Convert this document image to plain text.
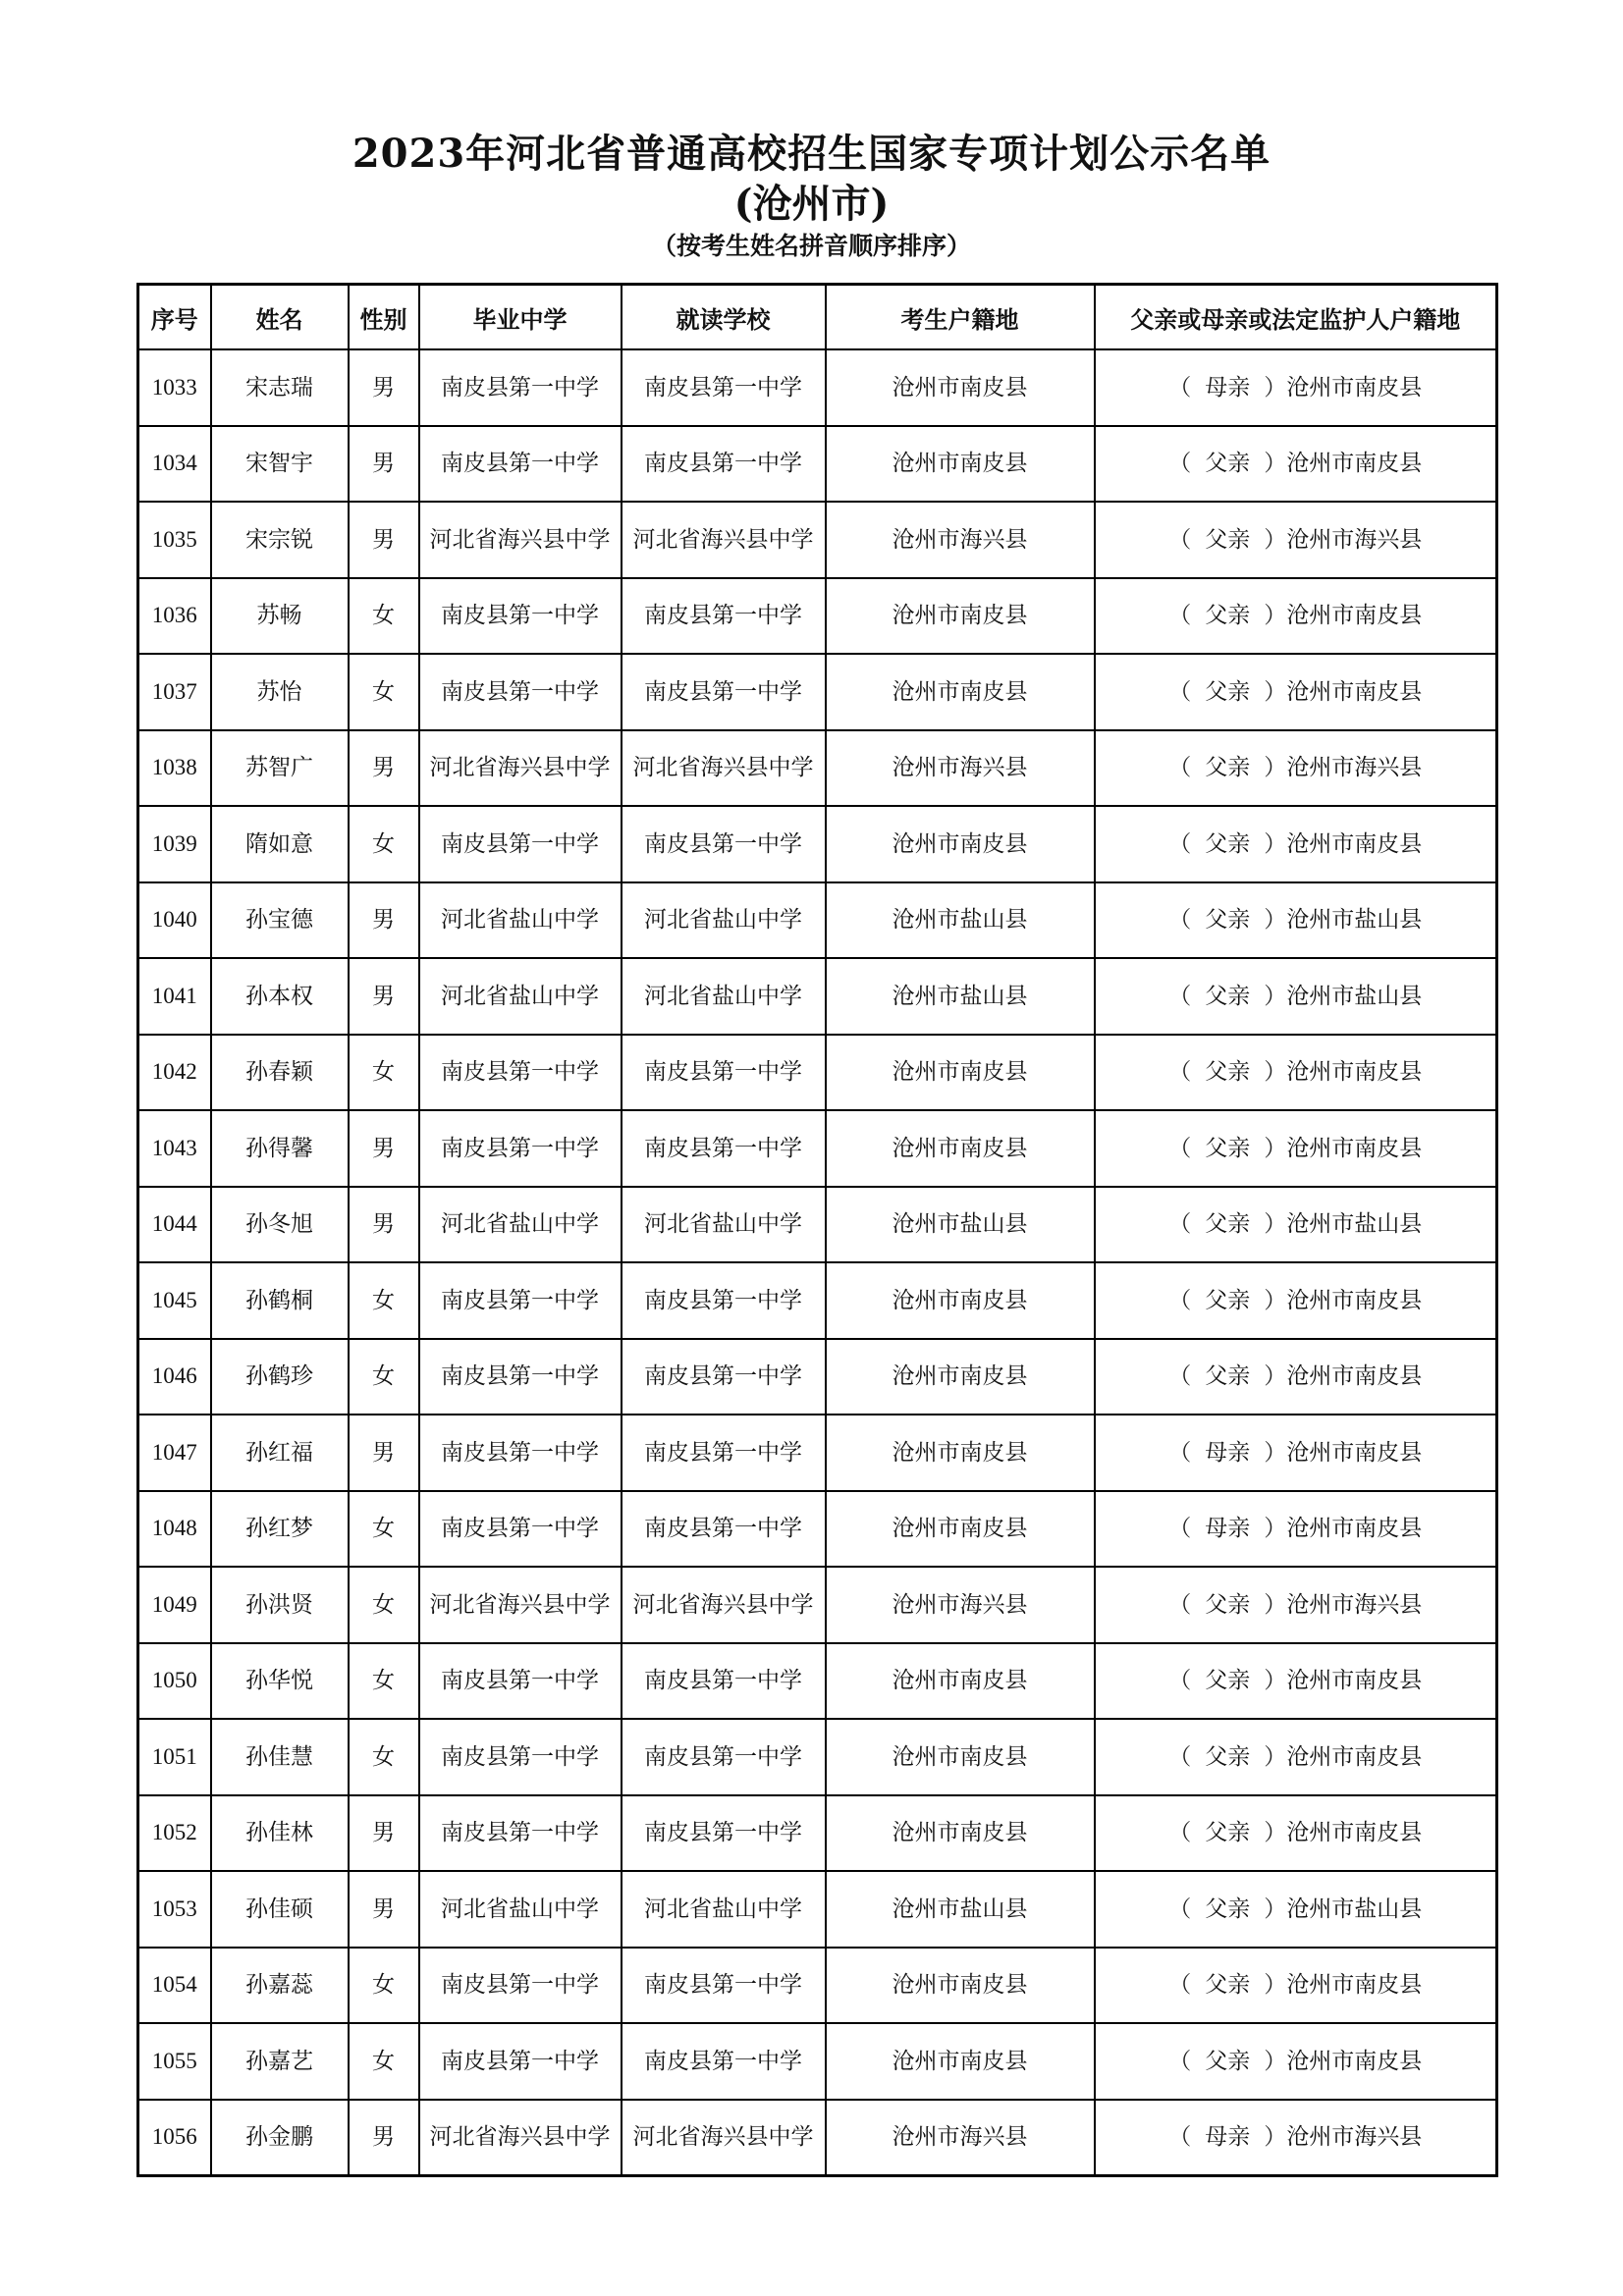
2023年河北省普通高校招生国家专项计划公示名单
(沧州市)
（按考生姓名拼音顺序排序）
序号	姓名	性别	毕业中学	就读学校	考生户籍地	父亲或母亲或法定监护人户籍地
1033	宋志瑞	男	南皮县第一中学	南皮县第一中学	沧州市南皮县	（ 母亲 ）沧州市南皮县
1034	宋智宇	男	南皮县第一中学	南皮县第一中学	沧州市南皮县	（ 父亲 ）沧州市南皮县
1035	宋宗锐	男	河北省海兴县中学	河北省海兴县中学	沧州市海兴县	（ 父亲 ）沧州市海兴县
1036	苏畅	女	南皮县第一中学	南皮县第一中学	沧州市南皮县	（ 父亲 ）沧州市南皮县
1037	苏怡	女	南皮县第一中学	南皮县第一中学	沧州市南皮县	（ 父亲 ）沧州市南皮县
1038	苏智广	男	河北省海兴县中学	河北省海兴县中学	沧州市海兴县	（ 父亲 ）沧州市海兴县
1039	隋如意	女	南皮县第一中学	南皮县第一中学	沧州市南皮县	（ 父亲 ）沧州市南皮县
1040	孙宝德	男	河北省盐山中学	河北省盐山中学	沧州市盐山县	（ 父亲 ）沧州市盐山县
1041	孙本权	男	河北省盐山中学	河北省盐山中学	沧州市盐山县	（ 父亲 ）沧州市盐山县
1042	孙春颖	女	南皮县第一中学	南皮县第一中学	沧州市南皮县	（ 父亲 ）沧州市南皮县
1043	孙得馨	男	南皮县第一中学	南皮县第一中学	沧州市南皮县	（ 父亲 ）沧州市南皮县
1044	孙冬旭	男	河北省盐山中学	河北省盐山中学	沧州市盐山县	（ 父亲 ）沧州市盐山县
1045	孙鹤桐	女	南皮县第一中学	南皮县第一中学	沧州市南皮县	（ 父亲 ）沧州市南皮县
1046	孙鹤珍	女	南皮县第一中学	南皮县第一中学	沧州市南皮县	（ 父亲 ）沧州市南皮县
1047	孙红福	男	南皮县第一中学	南皮县第一中学	沧州市南皮县	（ 母亲 ）沧州市南皮县
1048	孙红梦	女	南皮县第一中学	南皮县第一中学	沧州市南皮县	（ 母亲 ）沧州市南皮县
1049	孙洪贤	女	河北省海兴县中学	河北省海兴县中学	沧州市海兴县	（ 父亲 ）沧州市海兴县
1050	孙华悦	女	南皮县第一中学	南皮县第一中学	沧州市南皮县	（ 父亲 ）沧州市南皮县
1051	孙佳慧	女	南皮县第一中学	南皮县第一中学	沧州市南皮县	（ 父亲 ）沧州市南皮县
1052	孙佳林	男	南皮县第一中学	南皮县第一中学	沧州市南皮县	（ 父亲 ）沧州市南皮县
1053	孙佳硕	男	河北省盐山中学	河北省盐山中学	沧州市盐山县	（ 父亲 ）沧州市盐山县
1054	孙嘉蕊	女	南皮县第一中学	南皮县第一中学	沧州市南皮县	（ 父亲 ）沧州市南皮县
1055	孙嘉艺	女	南皮县第一中学	南皮县第一中学	沧州市南皮县	（ 父亲 ）沧州市南皮县
1056	孙金鹏	男	河北省海兴县中学	河北省海兴县中学	沧州市海兴县	（ 母亲 ）沧州市海兴县
